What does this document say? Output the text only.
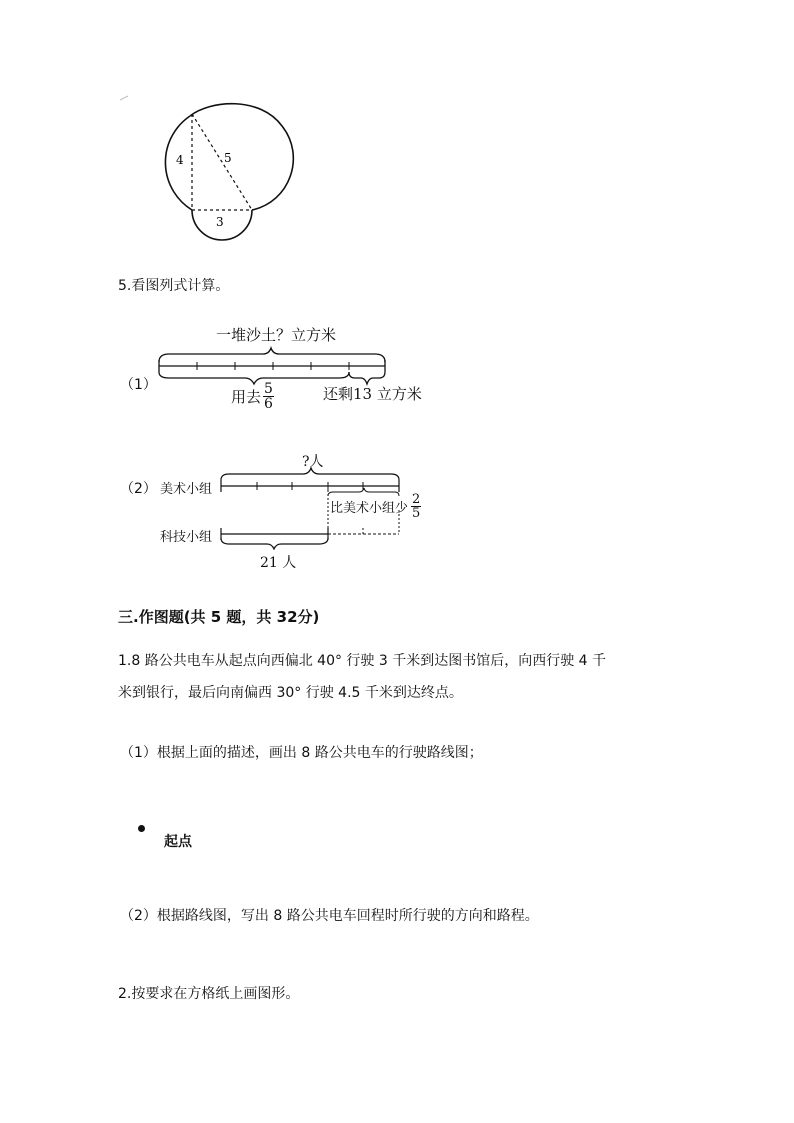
4	5
3
5.看图列式计算。
（1）
一堆沙土？立方米
用去 $\frac{5}{6}$	还剩13 立方米
（2） 美术小组
科技小组
?人
比美术小组少 $\frac{2}{5}$
21 人
三.作图题(共 5 题，共 32分)
1.8 路公共电车从起点向西偏北 40° 行驶 3 千米到达图书馆后，向西行驶 4 千
米到银行，最后向南偏西 30° 行驶 4.5 千米到达终点。
（1）根据上面的描述，画出 8 路公共电车的行驶路线图；
起点
（2）根据路线图，写出 8 路公共电车回程时所行驶的方向和路程。
2.按要求在方格纸上画图形。
